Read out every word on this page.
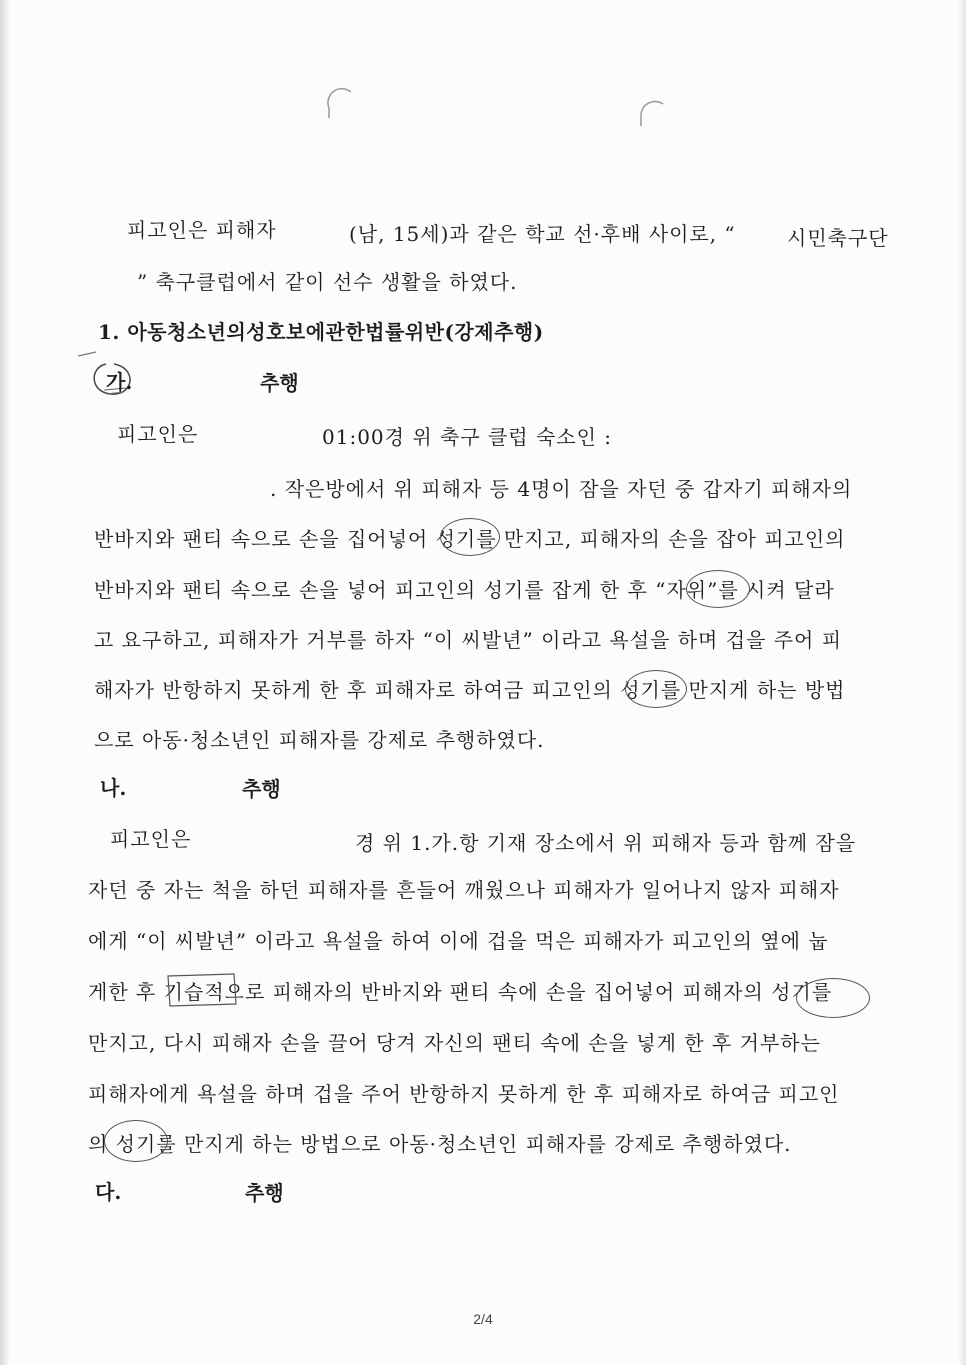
피고인은 피해자	(남, 15세)과 같은 학교 선·후배 사이로, “	시민축구단
” 축구클럽에서 같이 선수 생활을 하였다.
1. 아동청소년의성호보에관한법률위반(강제추행)
가.	추행
피고인은	01:00경 위 축구 클럽 숙소인 :
. 작은방에서 위 피해자 등 4명이 잠을 자던 중 갑자기 피해자의
반바지와 팬티 속으로 손을 집어넣어 성기를 만지고, 피해자의 손을 잡아 피고인의
반바지와 팬티 속으로 손을 넣어 피고인의 성기를 잡게 한 후 “자위”를 시켜 달라
고 요구하고, 피해자가 거부를 하자 “이 씨발년” 이라고 욕설을 하며 겁을 주어 피
해자가 반항하지 못하게 한 후 피해자로 하여금 피고인의 성기를 만지게 하는 방법
으로 아동·청소년인 피해자를 강제로 추행하였다.
나.	추행
피고인은	경 위 1.가.항 기재 장소에서 위 피해자 등과 함께 잠을
자던 중 자는 척을 하던 피해자를 흔들어 깨웠으나 피해자가 일어나지 않자 피해자
에게 “이 씨발년” 이라고 욕설을 하여 이에 겁을 먹은 피해자가 피고인의 옆에 눕
게한 후 기습적으로 피해자의 반바지와 팬티 속에 손을 집어넣어 피해자의 성기를
만지고, 다시 피해자 손을 끌어 당겨 자신의 팬티 속에 손을 넣게 한 후 거부하는
피해자에게 욕설을 하며 겁을 주어 반항하지 못하게 한 후 피해자로 하여금 피고인
의 성기를 만지게 하는 방법으로 아동·청소년인 피해자를 강제로 추행하였다.
다.	추행
2/4
